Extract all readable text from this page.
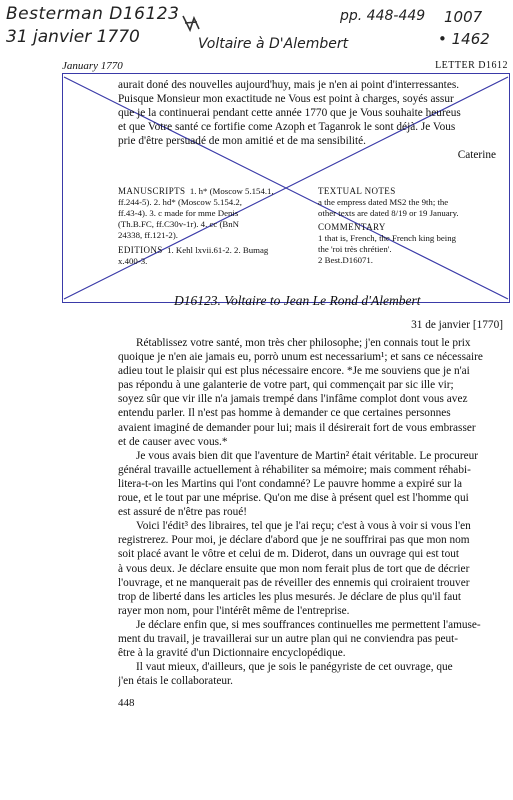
Besterman D16123
31 janvier 1770	Voltaire à D'Alembert
pp. 448-449 1007
• 1462
January 1770	LETTER D1612

aurait doné des nouvelles aujourd'huy, mais je n'en ai point d'interressantes.

Puisque Monsieur mon exactitude ne Vous est point à charges, soyés assur

que je la continuerai pendant cette année 1770 que je Vous souhaite heureus

et que Votre santé ce fortifie come Azoph et Taganrok le sont déjà. Je Vous

prie d'être persuadé de mon amitié et de ma sensibilité.

Caterine

MANUSCRIPTS 1. h* (Moscow 5.154.1,
ff.244-5). 2. hd* (Moscow 5.154.2,
ff.43-4). 3. c made for mme Denis
(Th.B.FC, ff.C30v-1r). 4. cc (BnN
24338, ff.121-2).
EDITIONS 1. Kehl lxvii.61-2. 2. Bumag
x.400-3.
TEXTUAL NOTES
a the empress dated MS2 the 9th; the
other texts are dated 8/19 or 19 January.
COMMENTARY
1 that is, French, the French king being
the 'roi très chrétien'.
2 Best.D16071.
D16123. Voltaire to Jean Le Rond d'Alembert
31 de janvier [1770]

Rétablissez votre santé, mon très cher philosophe; j'en connais tout le prix

quoique je n'en aie jamais eu, porrò unum est necessarium¹; et sans ce nécessaire

adieu tout le plaisir qui est plus nécessaire encore. *Je me souviens que je n'ai

pas répondu à une galanterie de votre part, qui commençait par sic ille vir;

soyez sûr que vir ille n'a jamais trempé dans l'infâme complot dont vous avez

entendu parler. Il n'est pas homme à demander ce que certaines personnes

avaient imaginé de demander pour lui; mais il désirerait fort de vous embrasser

et de causer avec vous.*

Je vous avais bien dit que l'aventure de Martin² était véritable. Le procureur

général travaille actuellement à réhabiliter sa mémoire; mais comment réhabi-

litera-t-on les Martins qui l'ont condamné? Le pauvre homme a expiré sur la

roue, et le tout par une méprise. Qu'on me dise à présent quel est l'homme qui

est assuré de n'être pas roué!

Voici l'édit³ des libraires, tel que je l'ai reçu; c'est à vous à voir si vous l'en

registrerez. Pour moi, je déclare d'abord que je ne souffrirai pas que mon nom

soit placé avant le vôtre et celui de m. Diderot, dans un ouvrage qui est tout

à vous deux. Je déclare ensuite que mon nom ferait plus de tort que de décrier

l'ouvrage, et ne manquerait pas de réveiller des ennemis qui croiraient trouver

trop de liberté dans les articles les plus mesurés. Je déclare de plus qu'il faut

rayer mon nom, pour l'intérêt même de l'entreprise.

Je déclare enfin que, si mes souffrances continuelles me permettent l'amuse-

ment du travail, je travaillerai sur un autre plan qui ne conviendra pas peut-

être à la gravité d'un Dictionnaire encyclopédique.

Il vaut mieux, d'ailleurs, que je sois le panégyriste de cet ouvrage, que

j'en étais le collaborateur.

448
